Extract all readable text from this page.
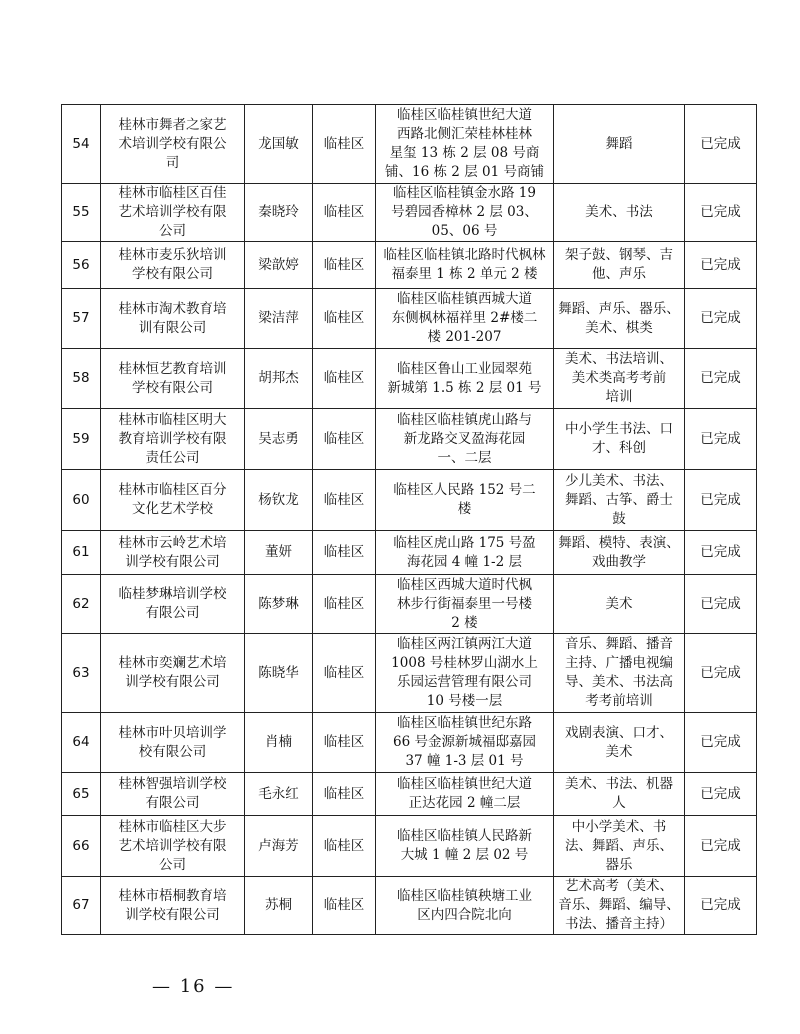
54	桂林市舞者之家艺
术培训学校有限公
司	龙国敏	临桂区	临桂区临桂镇世纪大道
西路北侧汇荣桂林桂林
星玺 13 栋 2 层 08 号商
铺、16 栋 2 层 01 号商铺	舞蹈	已完成
55	桂林市临桂区百佳
艺术培训学校有限
公司	秦晓玲	临桂区	临桂区临桂镇金水路 19
号碧园香樟林 2 层 03、
05、06 号	美术、书法	已完成
56	桂林市麦乐狄培训
学校有限公司	梁歆婷	临桂区	临桂区临桂镇北路时代枫林
福泰里 1 栋 2 单元 2 楼	架子鼓、钢琴、吉
他、声乐	已完成
57	桂林市淘术教育培
训有限公司	梁洁萍	临桂区	临桂区临桂镇西城大道
东侧枫林福祥里 2#楼二
楼 201-207	舞蹈、声乐、器乐、
美术、棋类	已完成
58	桂林恒艺教育培训
学校有限公司	胡邦杰	临桂区	临桂区鲁山工业园翠苑
新城第 1.5 栋 2 层 01 号	美术、书法培训、
美术类高考考前
培训	已完成
59	桂林市临桂区明大
教育培训学校有限
责任公司	吴志勇	临桂区	临桂区临桂镇虎山路与
新龙路交叉盈海花园
一、二层	中小学生书法、口
才、科创	已完成
60	桂林市临桂区百分
文化艺术学校	杨钦龙	临桂区	临桂区人民路 152 号二
楼	少儿美术、书法、
舞蹈、古筝、爵士
鼓	已完成
61	桂林市云岭艺术培
训学校有限公司	董妍	临桂区	临桂区虎山路 175 号盈
海花园 4 幢 1-2 层	舞蹈、模特、表演、
戏曲教学	已完成
62	临桂梦琳培训学校
有限公司	陈梦琳	临桂区	临桂区西城大道时代枫
林步行街福泰里一号楼
2 楼	美术	已完成
63	桂林市奕斓艺术培
训学校有限公司	陈晓华	临桂区	临桂区两江镇两江大道
1008 号桂林罗山湖水上
乐园运营管理有限公司
10 号楼一层	音乐、舞蹈、播音
主持、广播电视编
导、美术、书法高
考考前培训	已完成
64	桂林市叶贝培训学
校有限公司	肖楠	临桂区	临桂区临桂镇世纪东路
66 号金源新城福邸嘉园
37 幢 1-3 层 01 号	戏剧表演、口才、
美术	已完成
65	桂林智强培训学校
有限公司	毛永红	临桂区	临桂区临桂镇世纪大道
正达花园 2 幢二层	美术、书法、机器
人	已完成
66	桂林市临桂区大步
艺术培训学校有限
公司	卢海芳	临桂区	临桂区临桂镇人民路新
大城 1 幢 2 层 02 号	中小学美术、书
法、舞蹈、声乐、
器乐	已完成
67	桂林市梧桐教育培
训学校有限公司	苏桐	临桂区	临桂区临桂镇秧塘工业
区内四合院北向	艺术高考（美术、
音乐、舞蹈、编导、
书法、播音主持）	已完成
— 16 —
